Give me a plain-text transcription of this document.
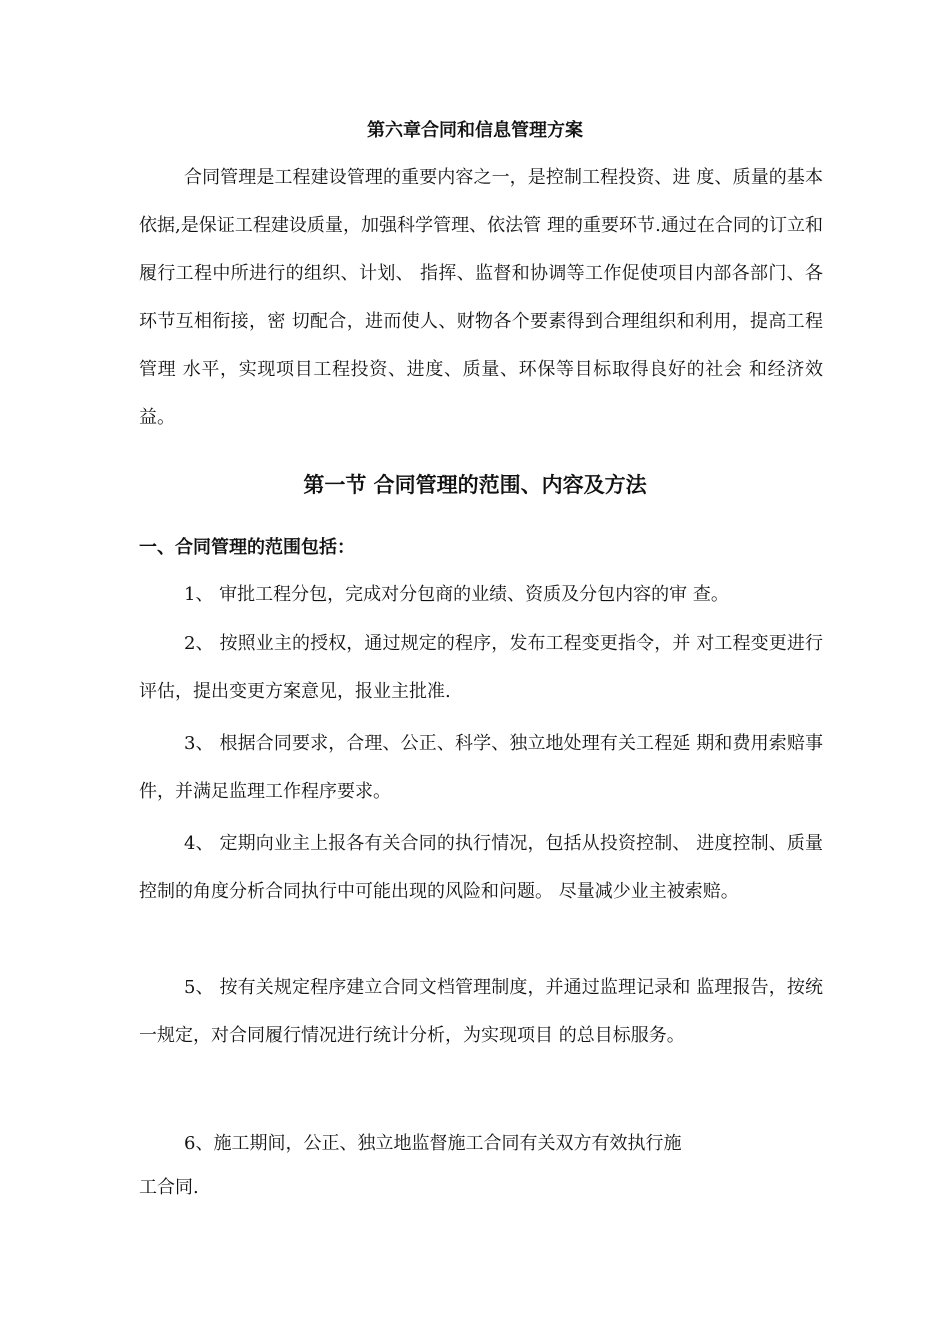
第六章合同和信息管理方案

合同管理是工程建设管理的重要内容之一，是控制工程投资、进 度、质量的基本依据,是保证工程建设质量，加强科学管理、依法管 理的重要环节.通过在合同的订立和履行工程中所进行的组织、计划、 指挥、监督和协调等工作促使项目内部各部门、各环节互相衔接，密 切配合，进而使人、财物各个要素得到合理组织和利用，提高工程管理 水平，实现项目工程投资、进度、质量、环保等目标取得良好的社会 和经济效益。

第一节 合同管理的范围、内容及方法
一、合同管理的范围包括：

1、 审批工程分包，完成对分包商的业绩、资质及分包内容的审 查。

2、 按照业主的授权，通过规定的程序，发布工程变更指令，并 对工程变更进行评估，提出变更方案意见，报业主批准.

3、 根据合同要求，合理、公正、科学、独立地处理有关工程延 期和费用索赔事件，并满足监理工作程序要求。

4、 定期向业主上报各有关合同的执行情况，包括从投资控制、 进度控制、质量控制的角度分析合同执行中可能出现的风险和问题。 尽量减少业主被索赔。

5、 按有关规定程序建立合同文档管理制度，并通过监理记录和 监理报告，按统一规定，对合同履行情况进行统计分析，为实现项目 的总目标服务。

6、施工期间，公正、独立地监督施工合同有关双方有效执行施

工合同.
